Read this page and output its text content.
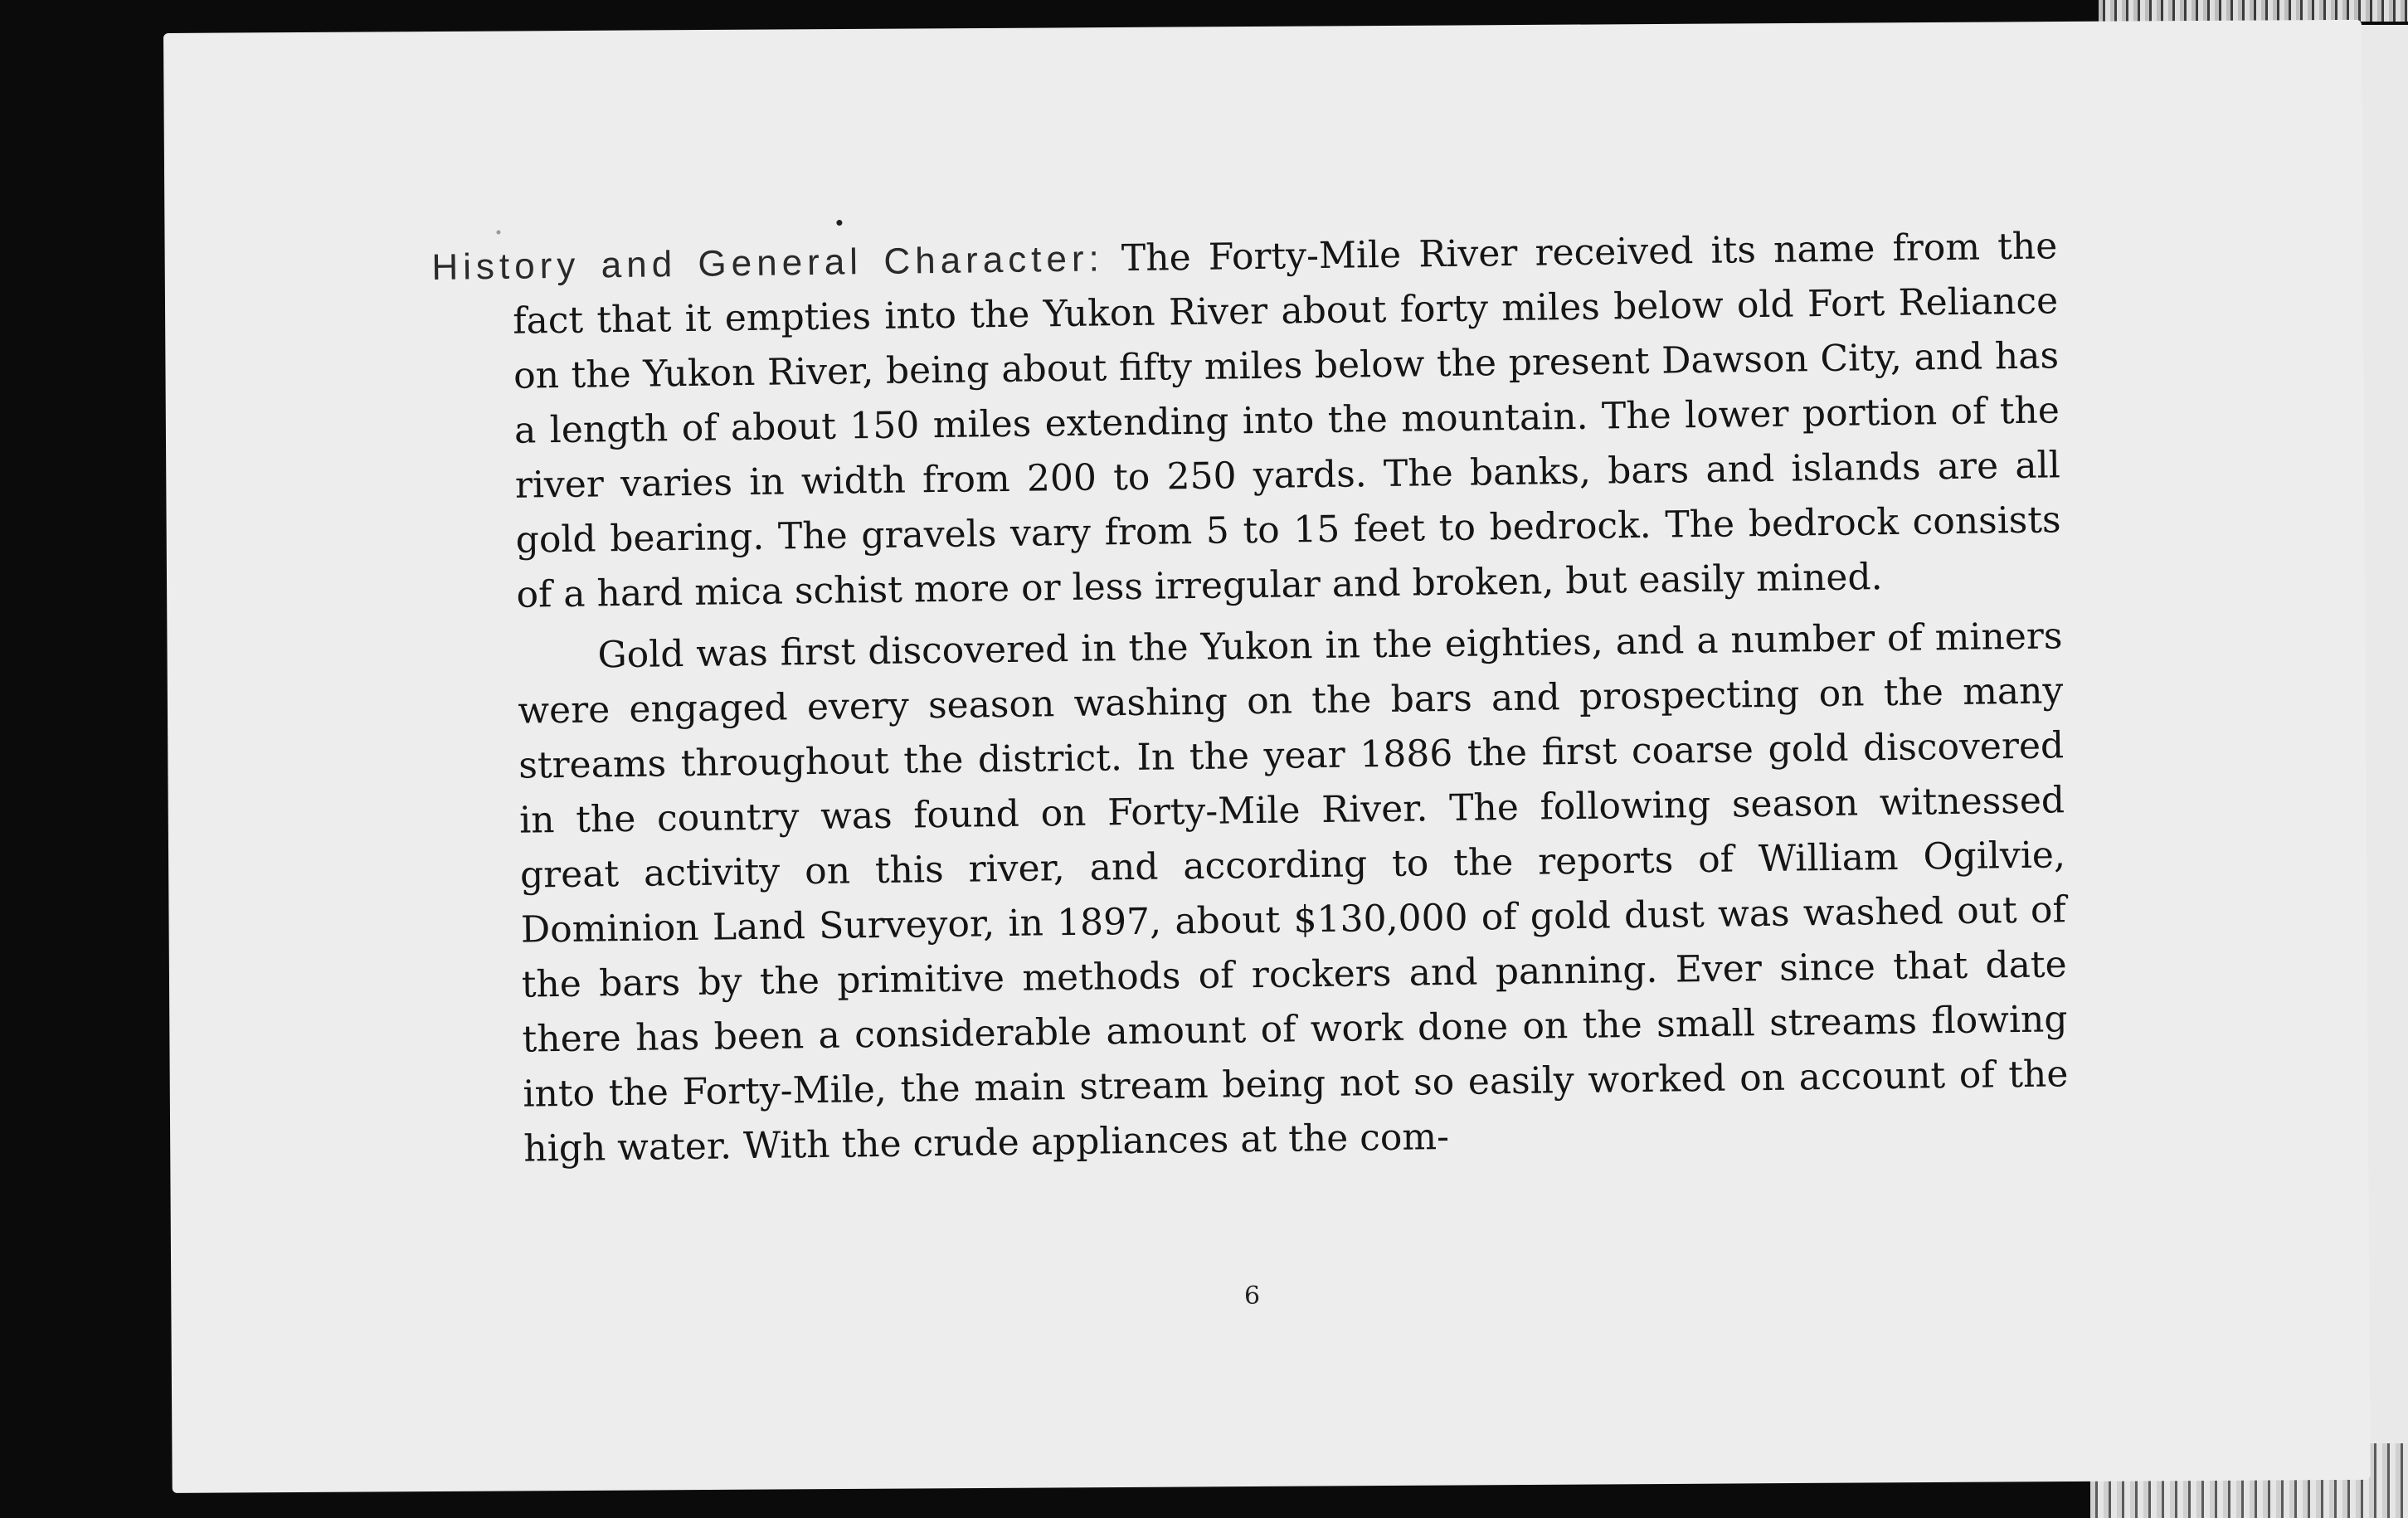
History and General Character: The Forty-Mile River received its name from the fact that it empties into the Yukon River about forty miles below old Fort Reliance on the Yukon River, being about fifty miles below the present Dawson City, and has a length of about 150 miles extending into the mountain. The lower portion of the river varies in width from 200 to 250 yards. The banks, bars and islands are all gold bearing. The gravels vary from 5 to 15 feet to bedrock. The bedrock consists of a hard mica schist more or less irregular and broken, but easily mined.

Gold was first discovered in the Yukon in the eighties, and a number of miners were engaged every season washing on the bars and prospecting on the many streams throughout the district. In the year 1886 the first coarse gold discovered in the country was found on Forty-Mile River. The following season witnessed great activity on this river, and according to the reports of William Ogilvie, Dominion Land Surveyor, in 1897, about $130,000 of gold dust was washed out of the bars by the primitive methods of rockers and panning. Ever since that date there has been a considerable amount of work done on the small streams flowing into the Forty-Mile, the main stream being not so easily worked on account of the high water. With the crude appliances at the com-

6
